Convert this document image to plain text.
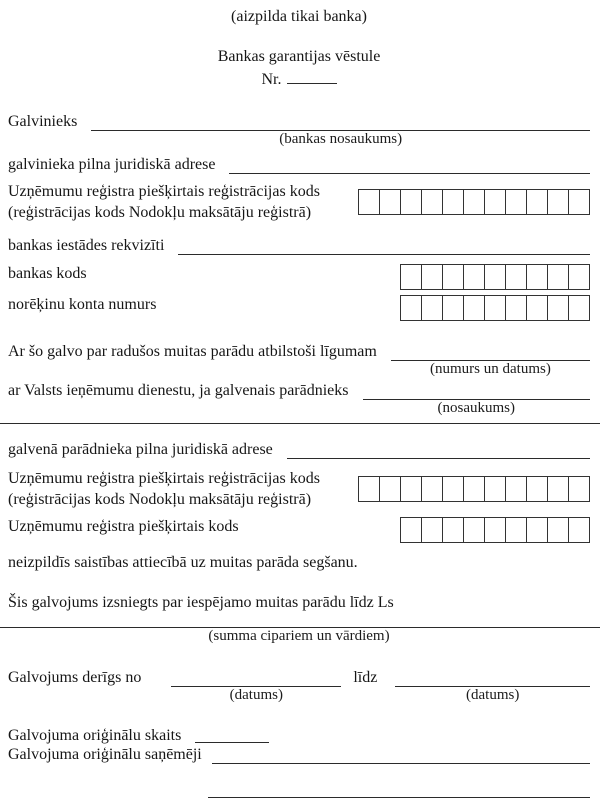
(aizpilda tikai banka)
Bankas garantijas vēstule
Nr.
Galvinieks
(bankas nosaukums)
galvinieka pilna juridiskā adrese
Uzņēmumu reģistra piešķirtais reģistrācijas kods
(reģistrācijas kods Nodokļu maksātāju reģistrā)
bankas iestādes rekvizīti
bankas kods
norēķinu konta numurs
Ar šo galvo par radušos muitas parādu atbilstoši līgumam
(numurs un datums)
ar Valsts ieņēmumu dienestu, ja galvenais parādnieks
(nosaukums)
galvenā parādnieka pilna juridiskā adrese
Uzņēmumu reģistra piešķirtais reģistrācijas kods
(reģistrācijas kods Nodokļu maksātāju reģistrā)
Uzņēmumu reģistra piešķirtais kods
neizpildīs saistības attiecībā uz muitas parāda segšanu.
Šis galvojums izsniegts par iespējamo muitas parādu līdz Ls
(summa cipariem un vārdiem)
Galvojums derīgs no
(datums)
līdz
(datums)
Galvojuma oriģinālu skaits
Galvojuma oriģinālu saņēmēji
